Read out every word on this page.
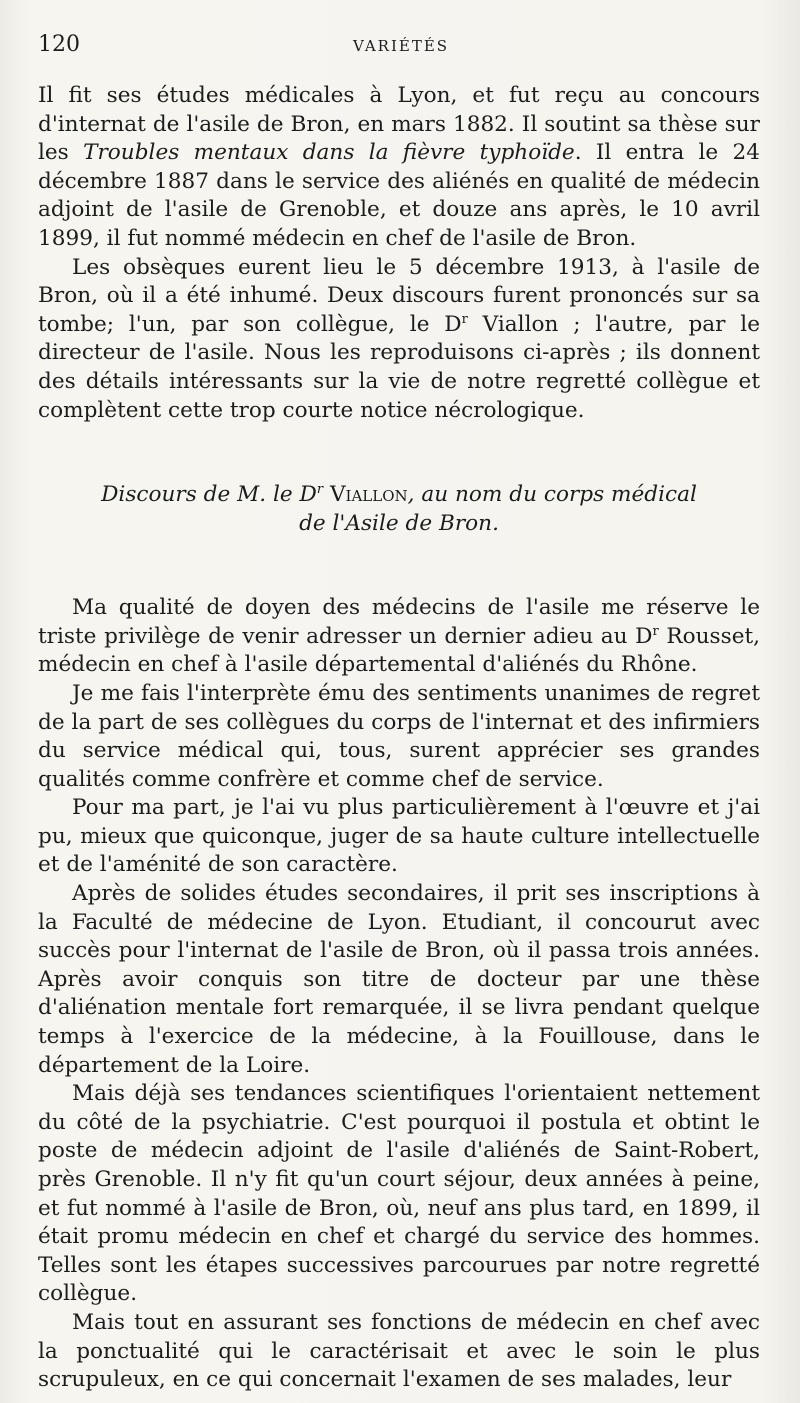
120	VARIÉTÉS

Il fit ses études médicales à Lyon, et fut reçu au concours d'internat de l'asile de Bron, en mars 1882. Il soutint sa thèse sur les Troubles mentaux dans la fièvre typhoïde. Il entra le 24 décembre 1887 dans le service des aliénés en qualité de médecin adjoint de l'asile de Grenoble, et douze ans après, le 10 avril 1899, il fut nommé médecin en chef de l'asile de Bron.

Les obsèques eurent lieu le 5 décembre 1913, à l'asile de Bron, où il a été inhumé. Deux discours furent prononcés sur sa tombe; l'un, par son collègue, le $D^r$ Viallon ; l'autre, par le directeur de l'asile. Nous les reproduisons ci-après ; ils donnent des détails intéressants sur la vie de notre regretté collègue et complètent cette trop courte notice nécrologique.

Discours de M. le $D^r$ Viallon, au nom du corps médical
de l'Asile de Bron.

Ma qualité de doyen des médecins de l'asile me réserve le triste privilège de venir adresser un dernier adieu au $D^r$ Rousset, médecin en chef à l'asile départemental d'aliénés du Rhône.

Je me fais l'interprète ému des sentiments unanimes de regret de la part de ses collègues du corps de l'internat et des infirmiers du service médical qui, tous, surent apprécier ses grandes qualités comme confrère et comme chef de service.

Pour ma part, je l'ai vu plus particulièrement à l'œuvre et j'ai pu, mieux que quiconque, juger de sa haute culture intellectuelle et de l'aménité de son caractère.

Après de solides études secondaires, il prit ses inscriptions à la Faculté de médecine de Lyon. Etudiant, il concourut avec succès pour l'internat de l'asile de Bron, où il passa trois années. Après avoir conquis son titre de docteur par une thèse d'aliénation mentale fort remarquée, il se livra pendant quelque temps à l'exercice de la médecine, à la Fouillouse, dans le département de la Loire.

Mais déjà ses tendances scientifiques l'orientaient nettement du côté de la psychiatrie. C'est pourquoi il postula et obtint le poste de médecin adjoint de l'asile d'aliénés de Saint-Robert, près Grenoble. Il n'y fit qu'un court séjour, deux années à peine, et fut nommé à l'asile de Bron, où, neuf ans plus tard, en 1899, il était promu médecin en chef et chargé du service des hommes. Telles sont les étapes successives parcourues par notre regretté collègue.

Mais tout en assurant ses fonctions de médecin en chef avec la ponctualité qui le caractérisait et avec le soin le plus scrupuleux, en ce qui concernait l'examen de ses malades, leur
